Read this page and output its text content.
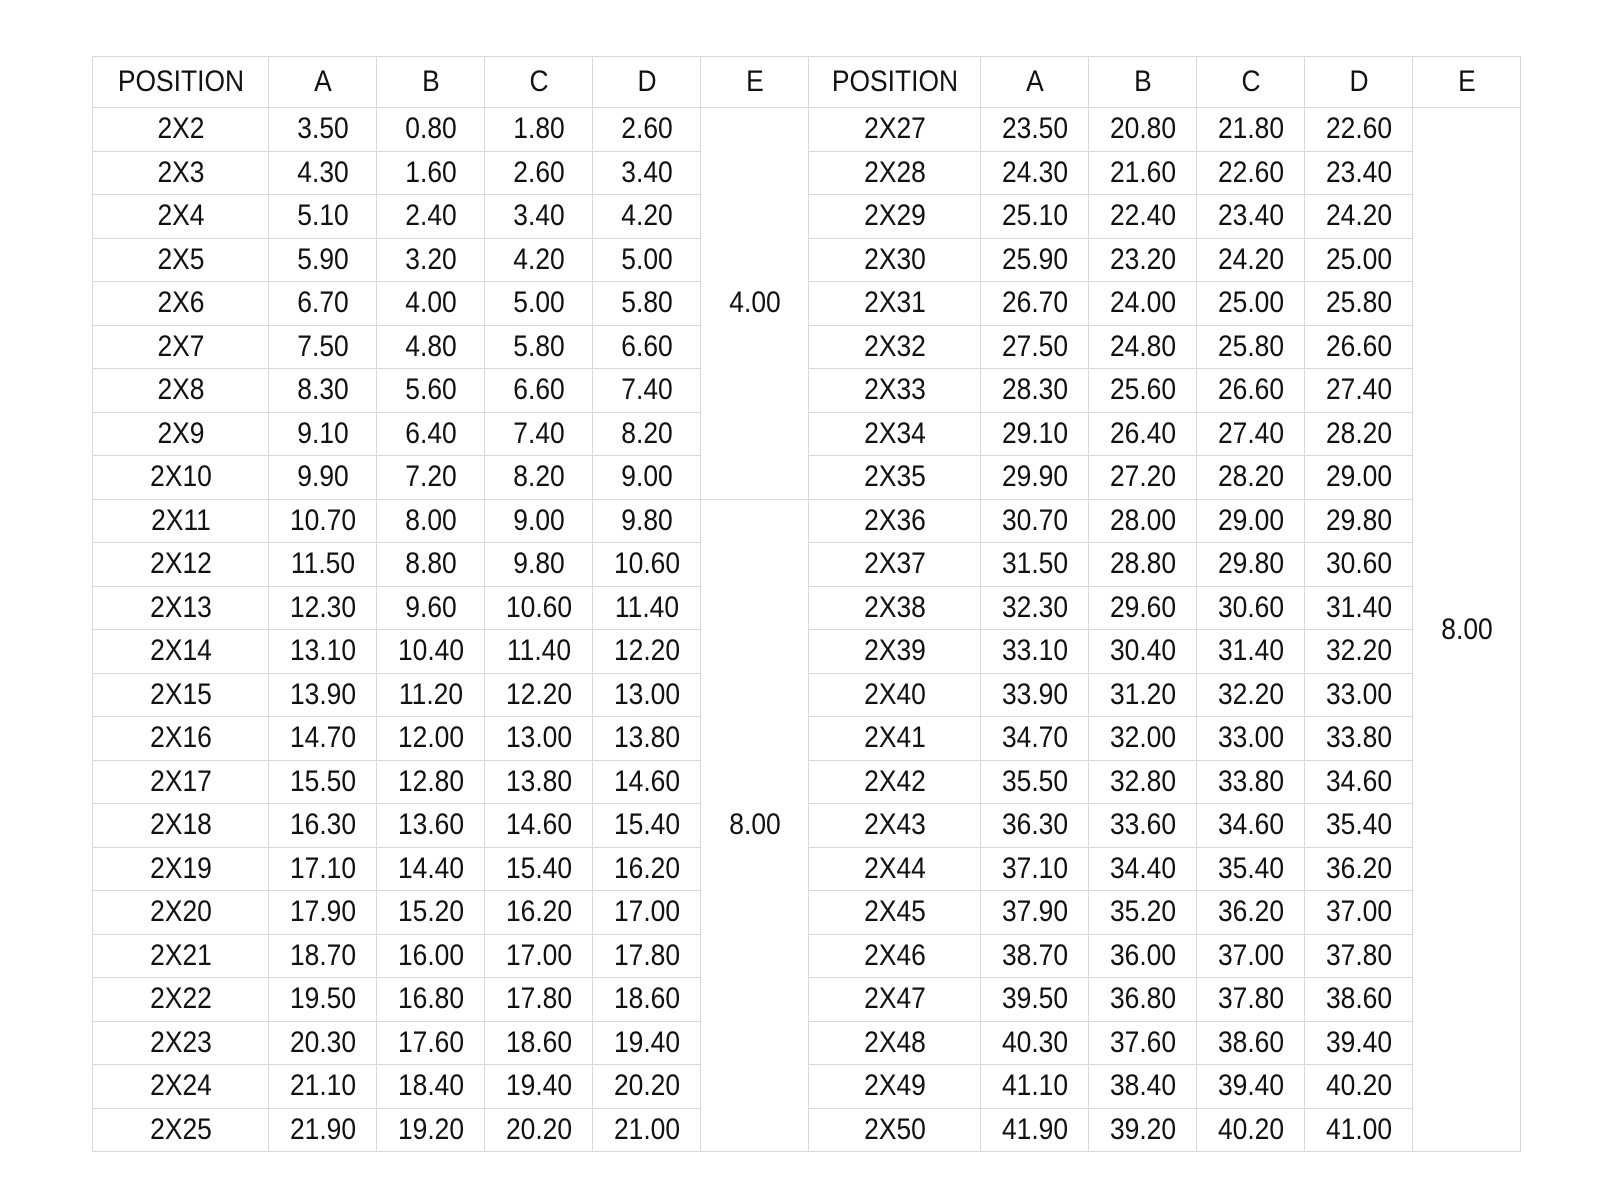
POSITION	A	B	C	D	E	POSITION	A	B	C	D	E
2X2	3.50	0.80	1.80	2.60	4.00	2X27	23.50	20.80	21.80	22.60	8.00
2X3	4.30	1.60	2.60	3.40		2X28	24.30	21.60	22.60	23.40	
2X4	5.10	2.40	3.40	4.20		2X29	25.10	22.40	23.40	24.20	
2X5	5.90	3.20	4.20	5.00		2X30	25.90	23.20	24.20	25.00	
2X6	6.70	4.00	5.00	5.80		2X31	26.70	24.00	25.00	25.80	
2X7	7.50	4.80	5.80	6.60		2X32	27.50	24.80	25.80	26.60	
2X8	8.30	5.60	6.60	7.40		2X33	28.30	25.60	26.60	27.40	
2X9	9.10	6.40	7.40	8.20		2X34	29.10	26.40	27.40	28.20	
2X10	9.90	7.20	8.20	9.00		2X35	29.90	27.20	28.20	29.00	
2X11	10.70	8.00	9.00	9.80	8.00	2X36	30.70	28.00	29.00	29.80	
2X12	11.50	8.80	9.80	10.60		2X37	31.50	28.80	29.80	30.60	
2X13	12.30	9.60	10.60	11.40		2X38	32.30	29.60	30.60	31.40	
2X14	13.10	10.40	11.40	12.20		2X39	33.10	30.40	31.40	32.20	
2X15	13.90	11.20	12.20	13.00		2X40	33.90	31.20	32.20	33.00	
2X16	14.70	12.00	13.00	13.80		2X41	34.70	32.00	33.00	33.80	
2X17	15.50	12.80	13.80	14.60		2X42	35.50	32.80	33.80	34.60	
2X18	16.30	13.60	14.60	15.40		2X43	36.30	33.60	34.60	35.40	
2X19	17.10	14.40	15.40	16.20		2X44	37.10	34.40	35.40	36.20	
2X20	17.90	15.20	16.20	17.00		2X45	37.90	35.20	36.20	37.00	
2X21	18.70	16.00	17.00	17.80		2X46	38.70	36.00	37.00	37.80	
2X22	19.50	16.80	17.80	18.60		2X47	39.50	36.80	37.80	38.60	
2X23	20.30	17.60	18.60	19.40		2X48	40.30	37.60	38.60	39.40	
2X24	21.10	18.40	19.40	20.20		2X49	41.10	38.40	39.40	40.20	
2X25	21.90	19.20	20.20	21.00		2X50	41.90	39.20	40.20	41.00	
